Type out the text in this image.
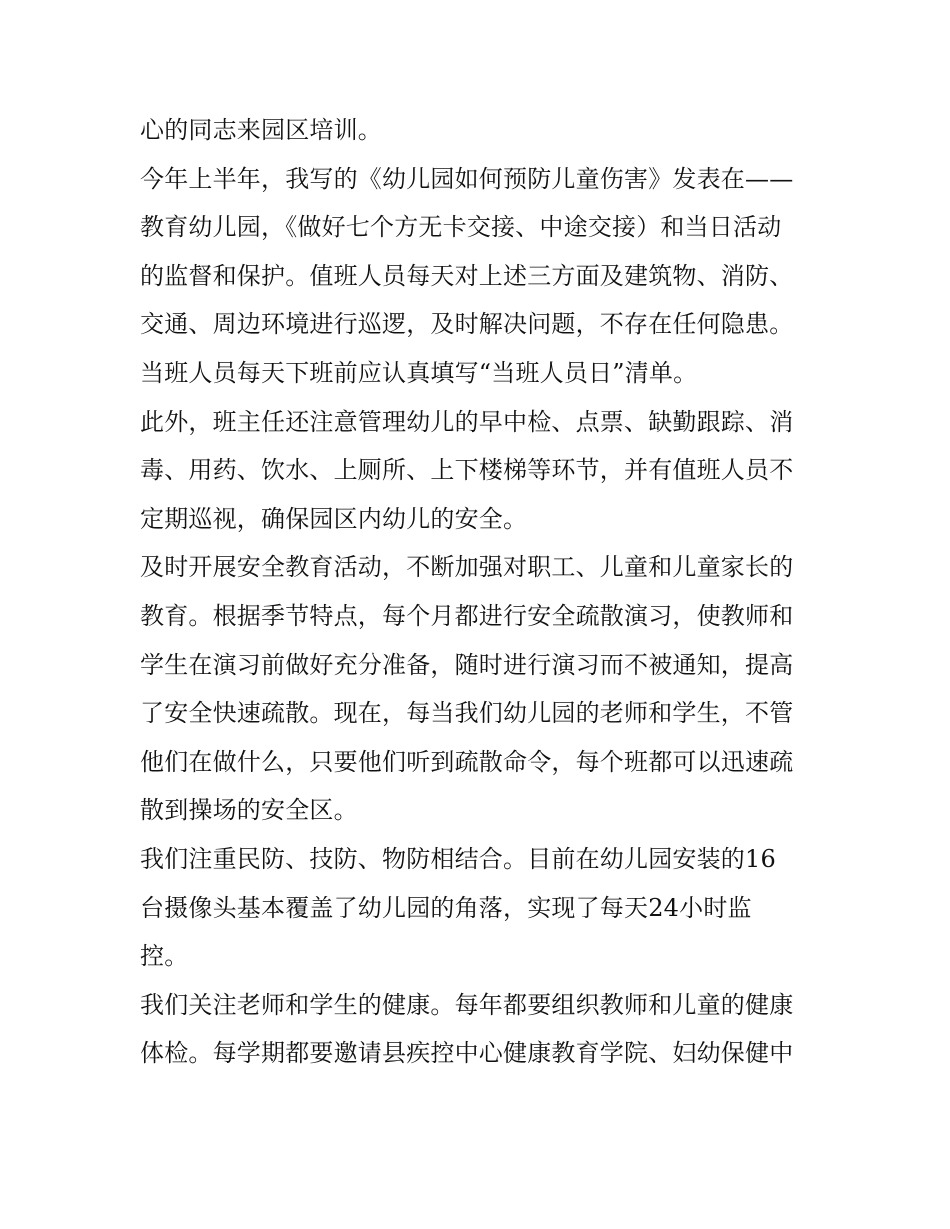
心的同志来园区培训。
今年上半年，我写的《幼儿园如何预防儿童伤害》发表在——
教育幼儿园，《做好七个方无卡交接、中途交接）和当日活动
的监督和保护。值班人员每天对上述三方面及建筑物、消防、
交通、周边环境进行巡逻，及时解决问题，不存在任何隐患。
当班人员每天下班前应认真填写“当班人员日”清单。
此外，班主任还注意管理幼儿的早中检、点票、缺勤跟踪、消
毒、用药、饮水、上厕所、上下楼梯等环节，并有值班人员不
定期巡视，确保园区内幼儿的安全。
及时开展安全教育活动，不断加强对职工、儿童和儿童家长的
教育。根据季节特点，每个月都进行安全疏散演习，使教师和
学生在演习前做好充分准备，随时进行演习而不被通知，提高
了安全快速疏散。现在，每当我们幼儿园的老师和学生，不管
他们在做什么，只要他们听到疏散命令，每个班都可以迅速疏
散到操场的安全区。
我们注重民防、技防、物防相结合。目前在幼儿园安装的16
台摄像头基本覆盖了幼儿园的角落，实现了每天24小时监
控。
我们关注老师和学生的健康。每年都要组织教师和儿童的健康
体检。每学期都要邀请县疾控中心健康教育学院、妇幼保健中
